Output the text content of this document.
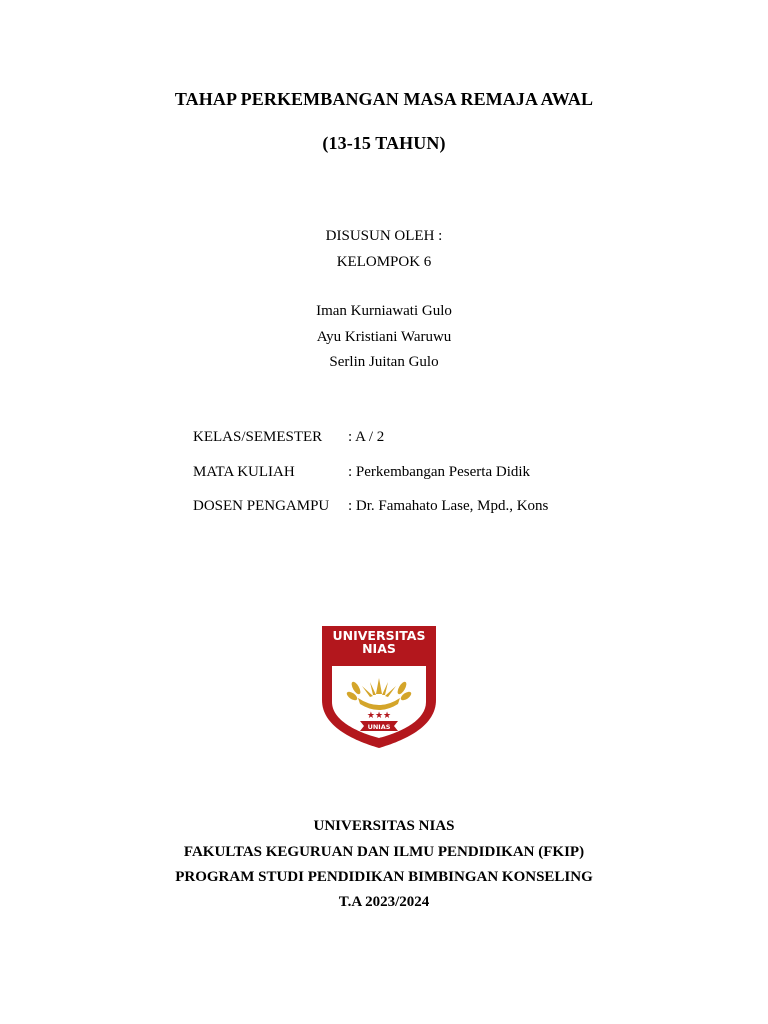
TAHAP PERKEMBANGAN MASA REMAJA AWAL
(13-15 TAHUN)
DISUSUN OLEH :
KELOMPOK 6
Iman Kurniawati Gulo
Ayu Kristiani Waruwu
Serlin Juitan Gulo
KELAS/SEMESTER : A / 2
MATA KULIAH	: Perkembangan Peserta Didik
DOSEN PENGAMPU : Dr. Famahato Lase, Mpd., Kons
UNIVERSITAS
NIAS
★★★
UNIAS
UNIVERSITAS NIAS
FAKULTAS KEGURUAN DAN ILMU PENDIDIKAN (FKIP)
PROGRAM STUDI PENDIDIKAN BIMBINGAN KONSELING
T.A 2023/2024
